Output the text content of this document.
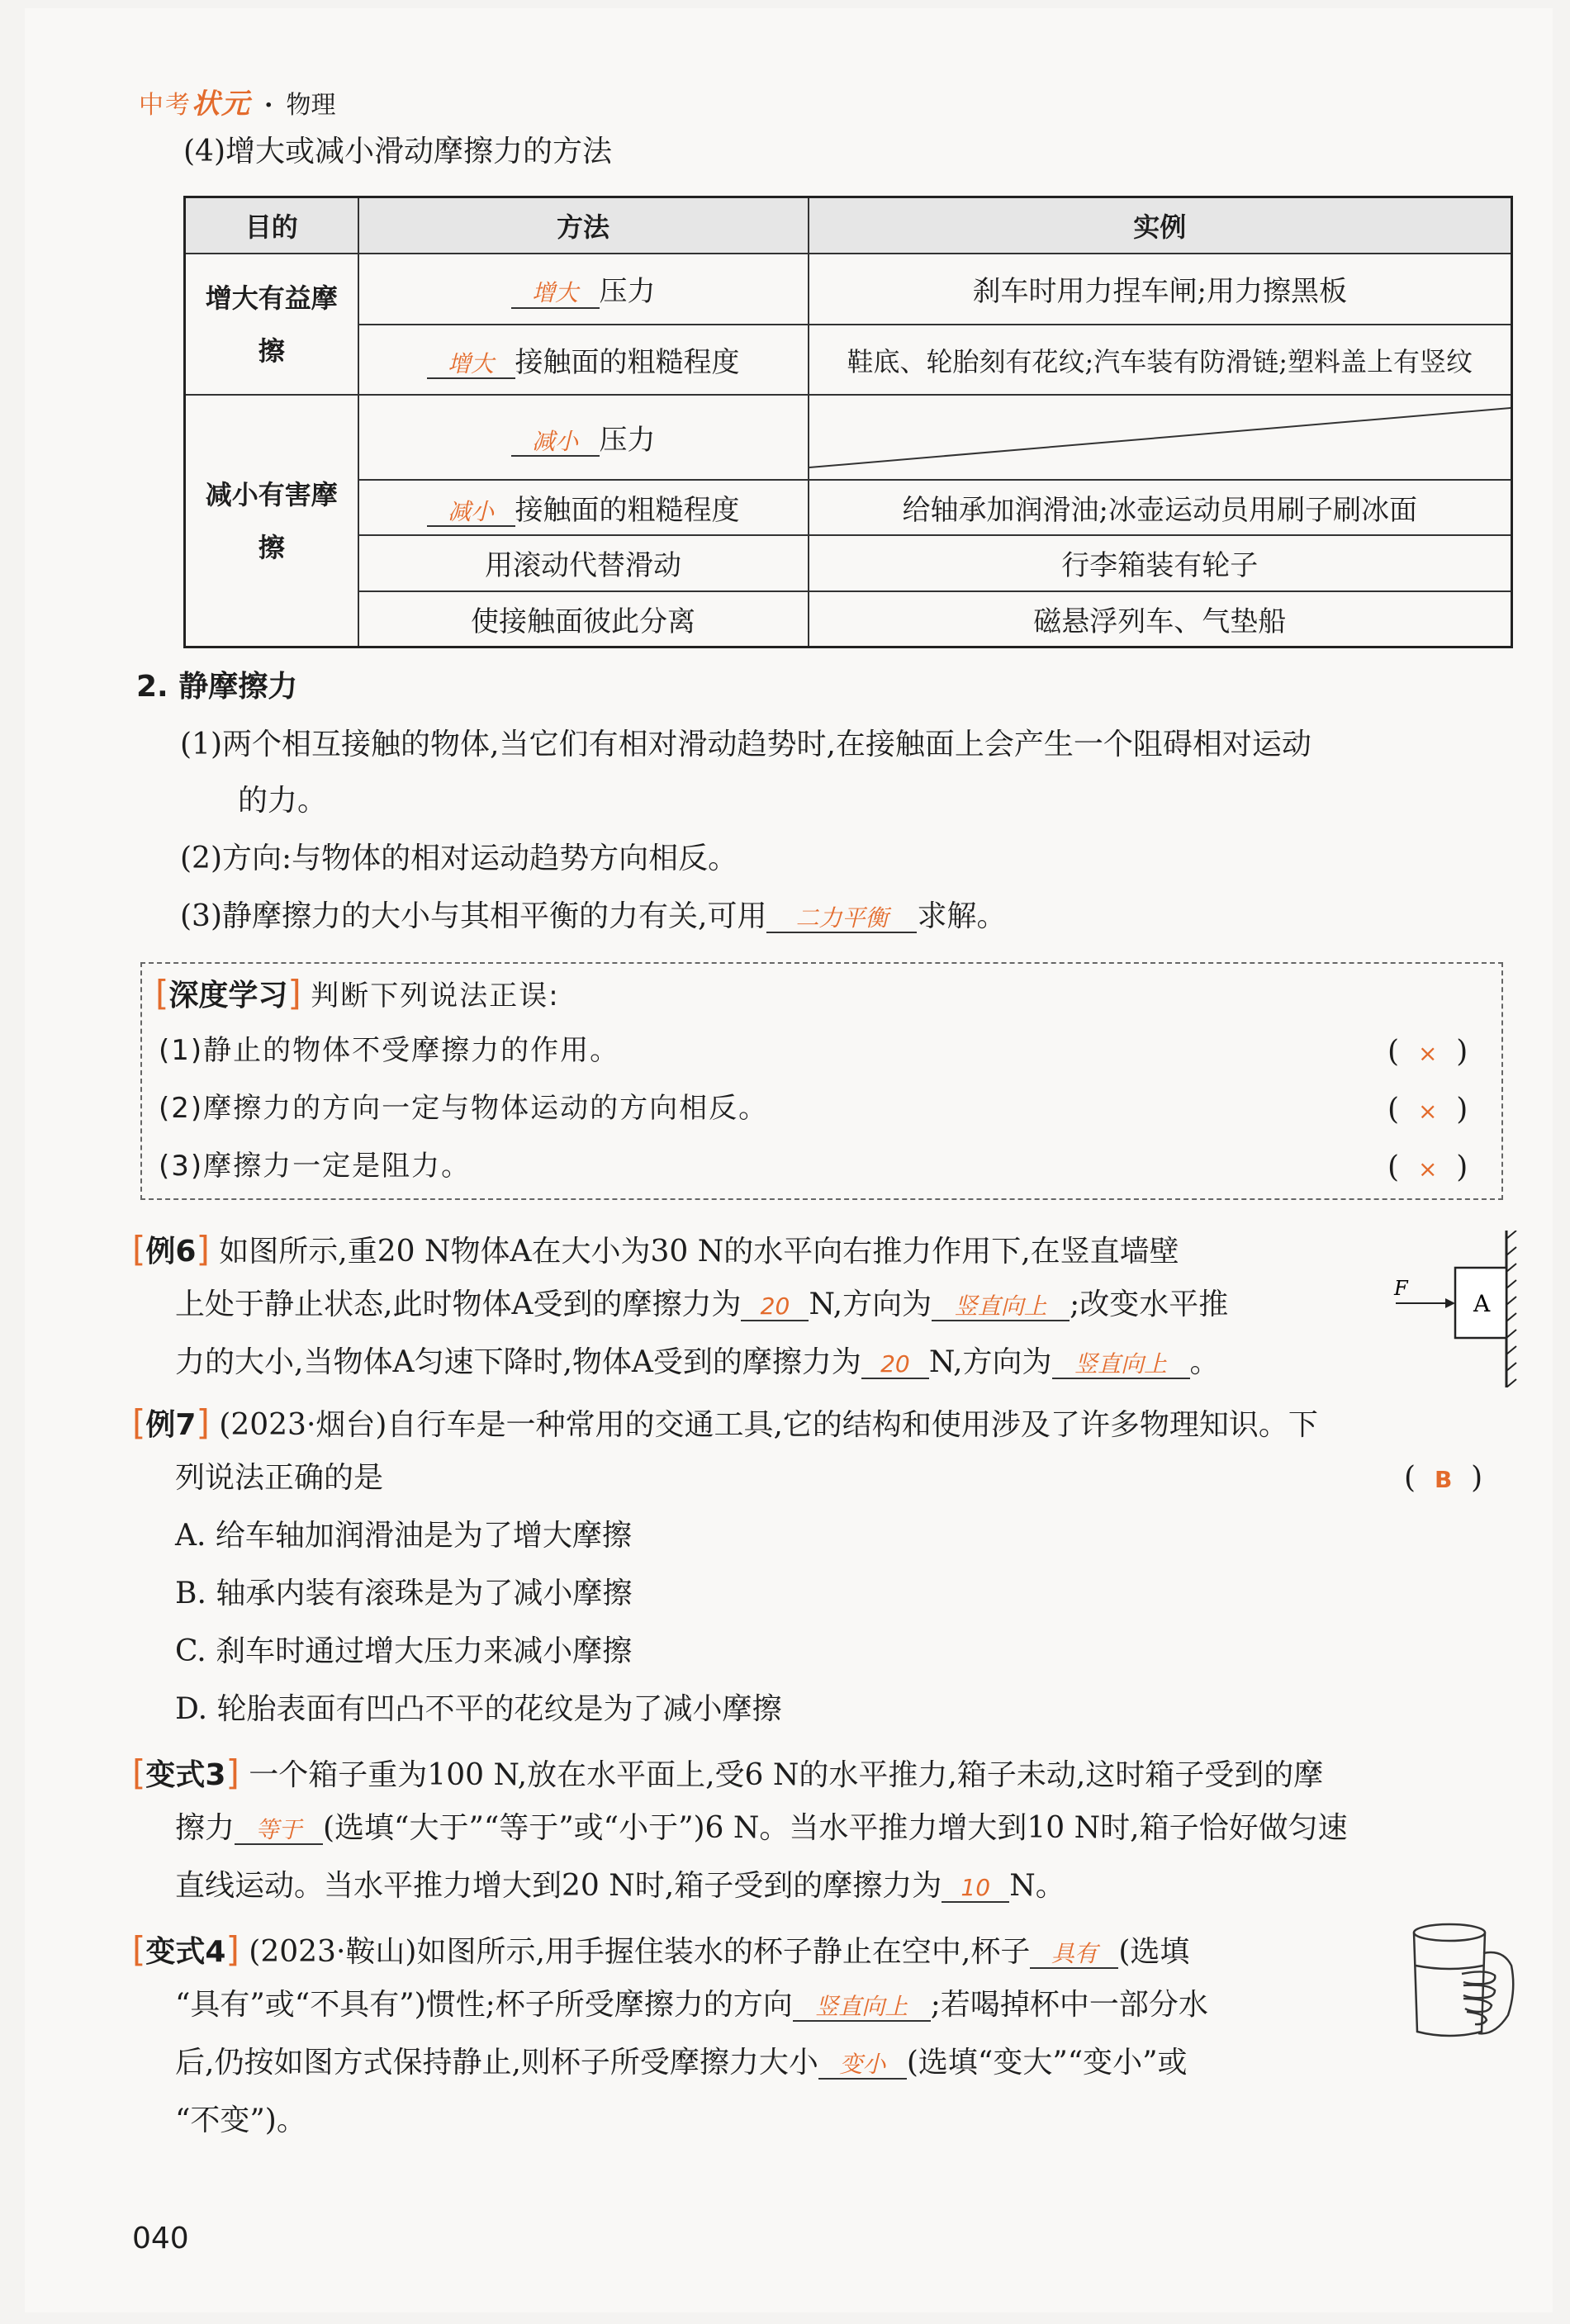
中考状元 · 物理
(4)增大或减小滑动摩擦力的方法
目的	方法	实例

增大有益摩擦	增大 压力	刹车时用力捏车闸;用力擦黑板
	增大 接触面的粗糙程度	鞋底、轮胎刻有花纹;汽车装有防滑链;塑料盖上有竖纹

减小有害摩擦	减小 压力	

	减小 接触面的粗糙程度	给轴承加润滑油;冰壶运动员用刷子刷冰面
	用滚动代替滑动	行李箱装有轮子
	使接触面彼此分离	磁悬浮列车、气垫船
2. 静摩擦力
(1)两个相互接触的物体,当它们有相对滑动趋势时,在接触面上会产生一个阻碍相对运动
的力。
(2)方向:与物体的相对运动趋势方向相反。
(3)静摩擦力的大小与其相平衡的力有关,可用 二力平衡 求解。
[深度学习] 判断下列说法正误:
(1)静止的物体不受摩擦力的作用。	(  ×  )
(2)摩擦力的方向一定与物体运动的方向相反。	(  ×  )
(3)摩擦力一定是阻力。	(  ×  )
[例6] 如图所示,重20 N物体A在大小为30 N的水平向右推力作用下,在竖直墙壁
上处于静止状态,此时物体A受到的摩擦力为 20 N,方向为 竖直向上 ;改变水平推
力的大小,当物体A匀速下降时,物体A受到的摩擦力为 20 N,方向为 竖直向上 。
F
A
[例7] (2023·烟台)自行车是一种常用的交通工具,它的结构和使用涉及了许多物理知识。下
列说法正确的是	(  B  )
A. 给车轴加润滑油是为了增大摩擦
B. 轴承内装有滚珠是为了减小摩擦
C. 刹车时通过增大压力来减小摩擦
D. 轮胎表面有凹凸不平的花纹是为了减小摩擦
[变式3] 一个箱子重为100 N,放在水平面上,受6 N的水平推力,箱子未动,这时箱子受到的摩
擦力 等于 (选填“大于”“等于”或“小于”)6 N。当水平推力增大到10 N时,箱子恰好做匀速
直线运动。当水平推力增大到20 N时,箱子受到的摩擦力为 10 N。
[变式4] (2023·鞍山)如图所示,用手握住装水的杯子静止在空中,杯子 具有 (选填
“具有”或“不具有”)惯性;杯子所受摩擦力的方向 竖直向上 ;若喝掉杯中一部分水
后,仍按如图方式保持静止,则杯子所受摩擦力大小 变小 (选填“变大”“变小”或
“不变”)。
040
